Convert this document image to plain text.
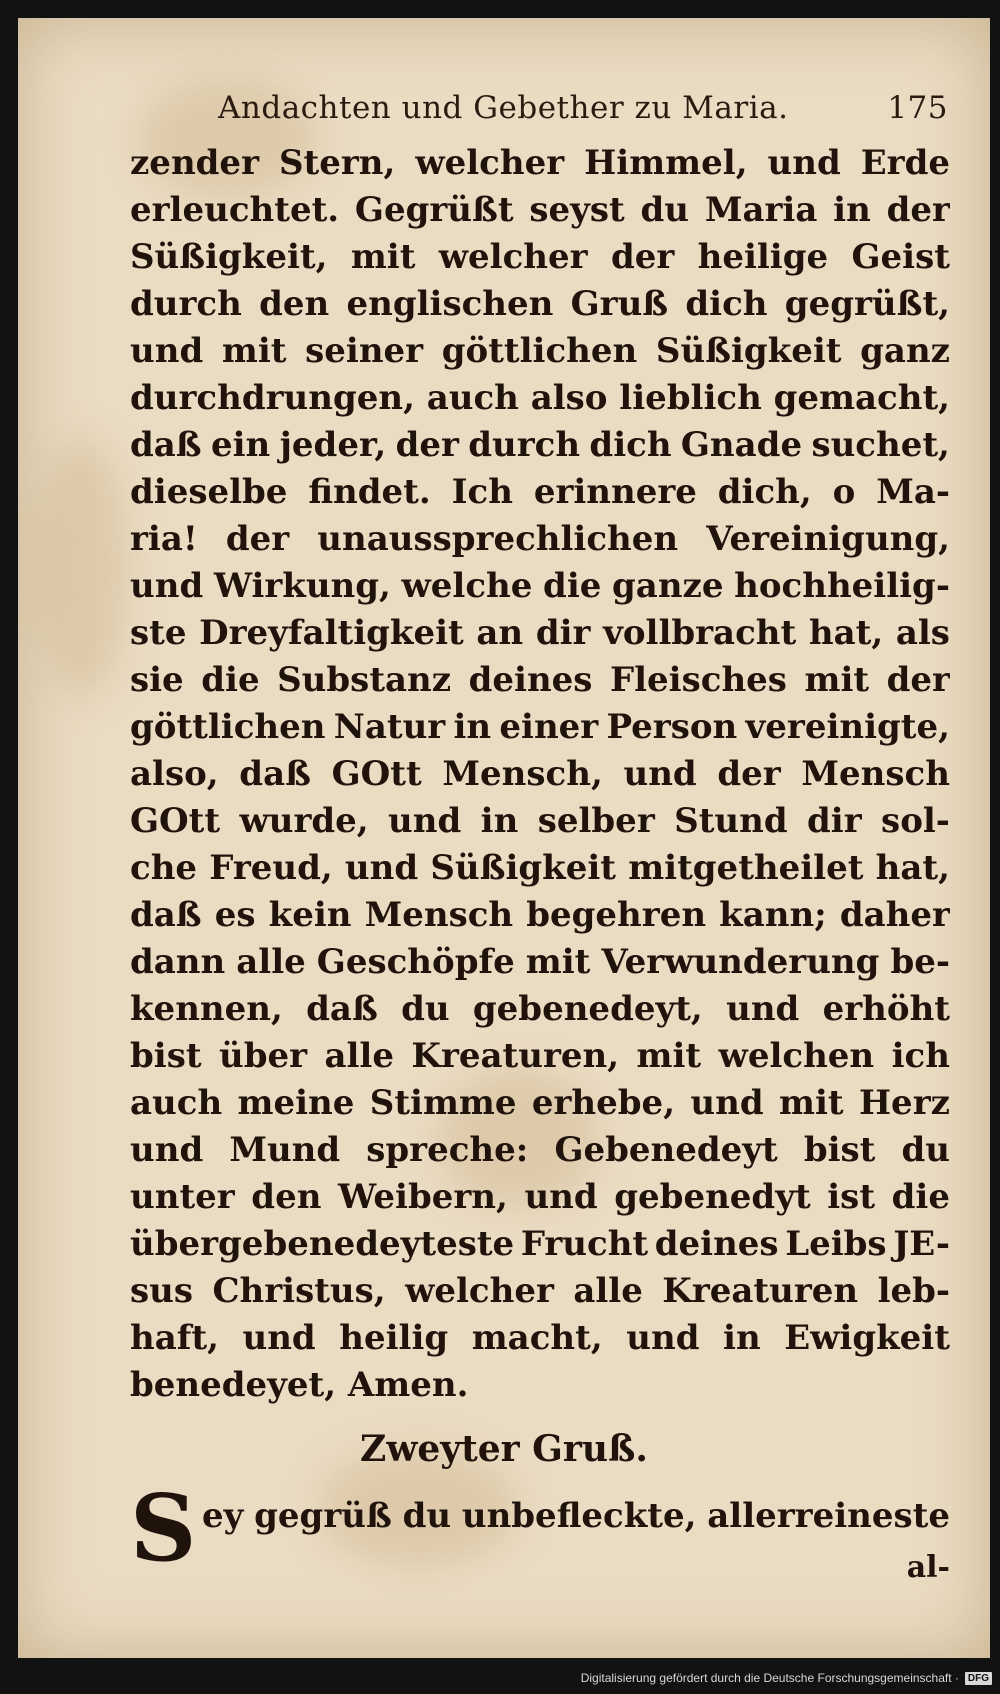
Andachten und Gebether zu Maria.	175
zender Stern, welcher Himmel, und Erde
erleuchtet. Gegrüßt seyst du Maria in der
Süßigkeit, mit welcher der heilige Geist
durch den englischen Gruß dich gegrüßt,
und mit seiner göttlichen Süßigkeit ganz
durchdrungen, auch also lieblich gemacht,
daß ein jeder, der durch dich Gnade suchet,
dieselbe findet. Ich erinnere dich, o Ma-
ria! der unaussprechlichen Vereinigung,
und Wirkung, welche die ganze hochheilig-
ste Dreyfaltigkeit an dir vollbracht hat, als
sie die Substanz deines Fleisches mit der
göttlichen Natur in einer Person vereinigte,
also, daß GOtt Mensch, und der Mensch
GOtt wurde, und in selber Stund dir sol-
che Freud, und Süßigkeit mitgetheilet hat,
daß es kein Mensch begehren kann; daher
dann alle Geschöpfe mit Verwunderung be-
kennen, daß du gebenedeyt, und erhöht
bist über alle Kreaturen, mit welchen ich
auch meine Stimme erhebe, und mit Herz
und Mund spreche: Gebenedeyt bist du
unter den Weibern, und gebenedyt ist die
übergebenedeyteste Frucht deines Leibs JE-
sus Christus, welcher alle Kreaturen leb-
haft, und heilig macht, und in Ewigkeit
benedeyet, Amen.
Zweyter Gruß.
S ey gegrüß du unbefleckte, allerreineste
al-
Digitalisierung gefördert durch die Deutsche Forschungsgemeinschaft · DFG
